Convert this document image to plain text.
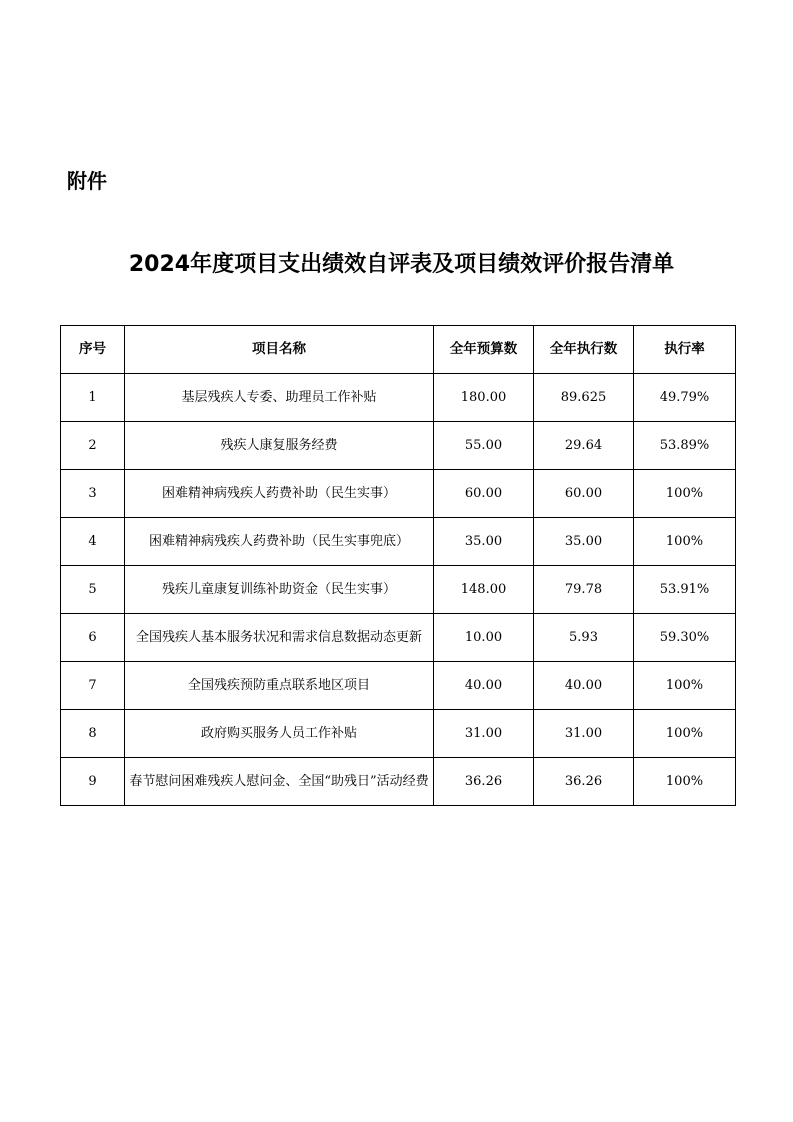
附件

2024年度项目支出绩效自评表及项目绩效评价报告清单
序号	项目名称	全年预算数	全年执行数	执行率
1	基层残疾人专委、助理员工作补贴	180.00	89.625	49.79%
2	残疾人康复服务经费	55.00	29.64	53.89%
3	困难精神病残疾人药费补助（民生实事）	60.00	60.00	100%
4	困难精神病残疾人药费补助（民生实事兜底）	35.00	35.00	100%
5	残疾儿童康复训练补助资金（民生实事）	148.00	79.78	53.91%
6	全国残疾人基本服务状况和需求信息数据动态更新	10.00	5.93	59.30%
7	全国残疾预防重点联系地区项目	40.00	40.00	100%
8	政府购买服务人员工作补贴	31.00	31.00	100%
9	春节慰问困难残疾人慰问金、全国“助残日”活动经费	36.26	36.26	100%
